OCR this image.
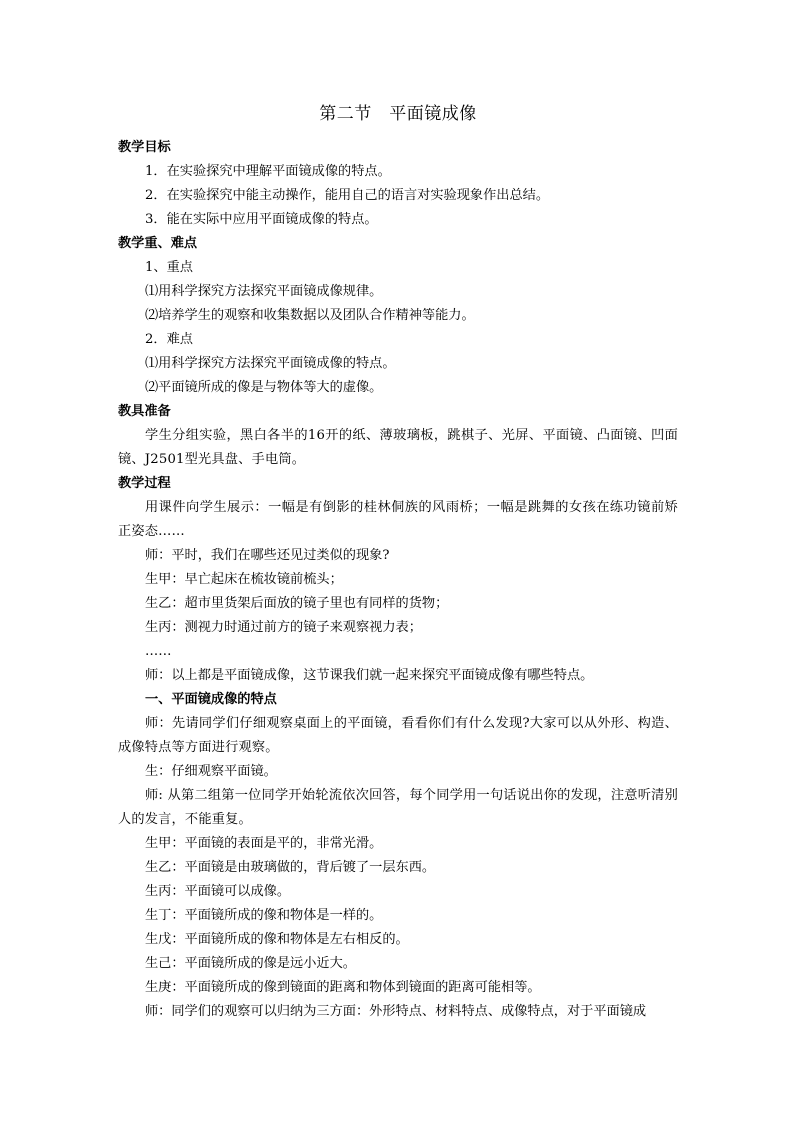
第二节　平面镜成像

教学目标

1．在实验探究中理解平面镜成像的特点。

2．在实验探究中能主动操作，能用自己的语言对实验现象作出总结。

3．能在实际中应用平面镜成像的特点。

教学重、难点

1、重点

⑴用科学探究方法探究平面镜成像规律。

⑵培养学生的观察和收集数据以及团队合作精神等能力。

2．难点

⑴用科学探究方法探究平面镜成像的特点。

⑵平面镜所成的像是与物体等大的虚像。

教具准备

学生分组实验，黑白各半的16开的纸、薄玻璃板，跳棋子、光屏、平面镜、凸面镜、凹面镜、J2501型光具盘、手电筒。

教学过程

用课件向学生展示：一幅是有倒影的桂林侗族的风雨桥；一幅是跳舞的女孩在练功镜前矫正姿态……

师：平时，我们在哪些还见过类似的现象?

生甲：早亡起床在梳妆镜前梳头；

生乙：超市里货架后面放的镜子里也有同样的货物；

生丙：测视力时通过前方的镜子来观察视力表；

……

师：以上都是平面镜成像，这节课我们就一起来探究平面镜成像有哪些特点。

一、平面镜成像的特点

师：先请同学们仔细观察桌面上的平面镜，看看你们有什么发现?大家可以从外形、构造、成像特点等方面进行观察。

生：仔细观察平面镜。

师: 从第二组第一位同学开始轮流依次回答，每个同学用一句话说出你的发现，注意听清别人的发言，不能重复。

生甲：平面镜的表面是平的，非常光滑。

生乙：平面镜是由玻璃做的，背后镀了一层东西。

生丙：平面镜可以成像。

生丁：平面镜所成的像和物体是一样的。

生戊：平面镜所成的像和物体是左右相反的。

生己：平面镜所成的像是远小近大。

生庚：平面镜所成的像到镜面的距离和物体到镜面的距离可能相等。

师：同学们的观察可以归纳为三方面：外形特点、材料特点、成像特点，对于平面镜成
